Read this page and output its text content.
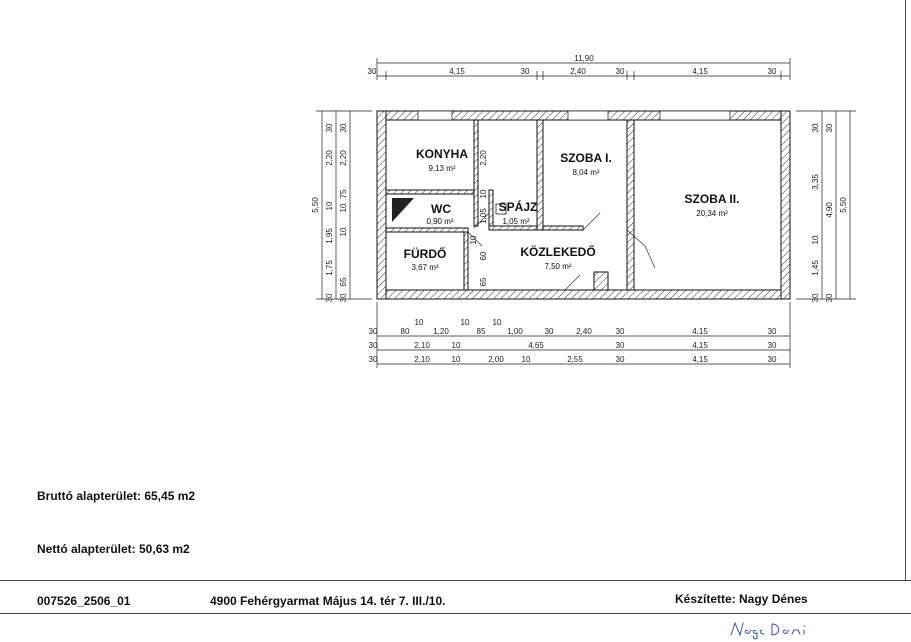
KONYHA
9,13 m²
WC
0,90 m²
FÜRDŐ
3,67 m²
SPÁJZ
1,05 m²
KÖZLEKEDŐ
7,50 m²
SZOBA I.
8,04 m²
SZOBA II.
20,34 m²
11,90
30	4,15	30	2,40	30	4,15	30
10	10	10
30	80	1,20	85	1,00	30	2,40	30	4,15	30
30	2,10	10	4,65	30	4,15	30
30	2,10	10	2,00 10	2,55	30	4,15	30
5,50
30
2,20
10
1,95
1,75
30
30
2,20
75
10
10
65
30
2,20
10
1,05
10
60
65
30
3,35
10
1,45
30
30
4,90
30
5,50
Bruttó alapterület: 65,45 m2
Nettó alapterület: 50,63 m2
007526_2506_01	4900 Fehérgyarmat Május 14. tér 7. III./10.	Készítette: Nagy Dénes
